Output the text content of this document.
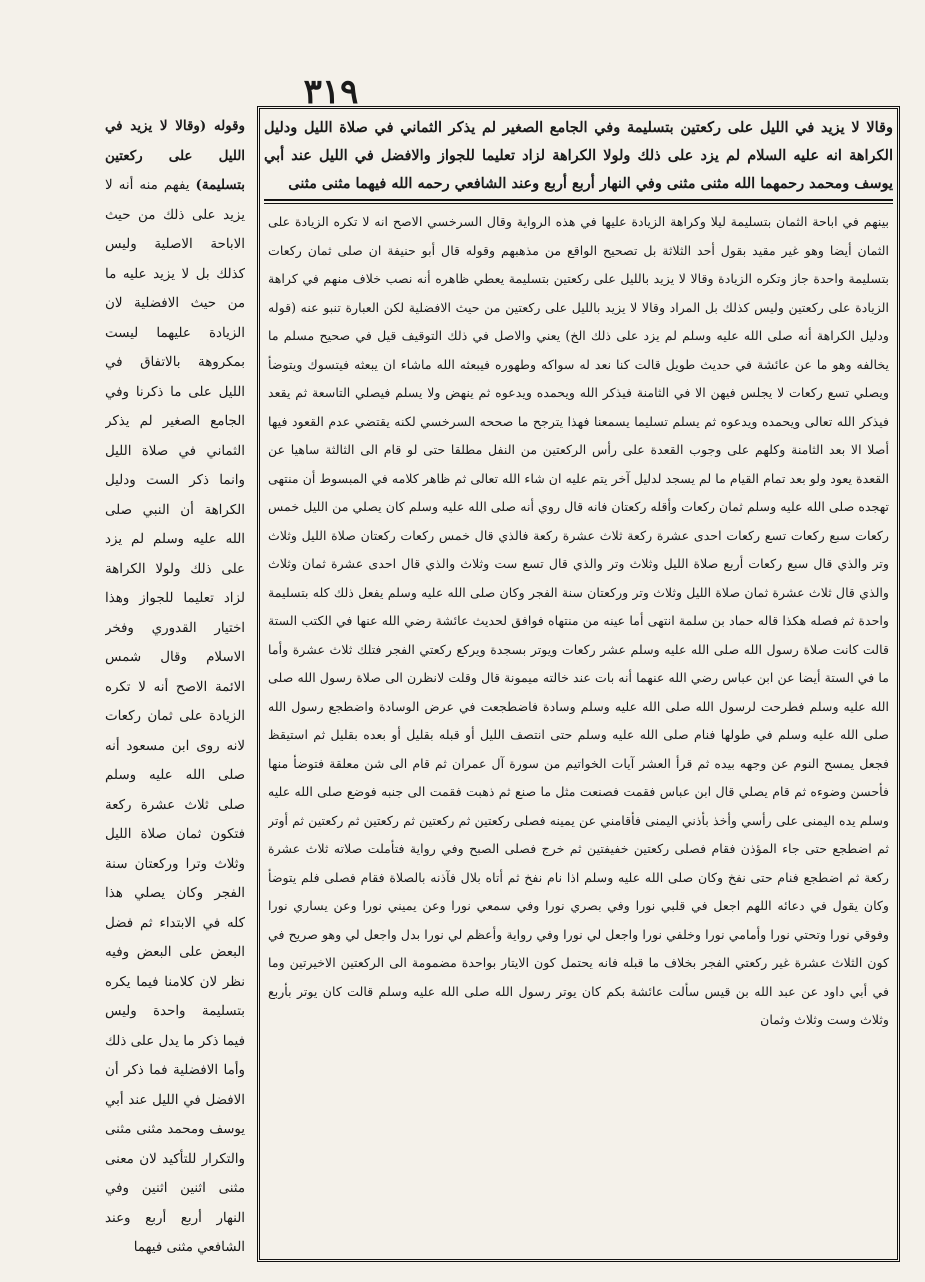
٣١٩
وقالا لا يزيد في الليل على ركعتين بتسليمة وفي الجامع الصغير لم يذكر الثماني في صلاة الليل ودليل الكراهة انه عليه السلام لم يزد على ذلك ولولا الكراهة لزاد تعليما للجواز والافضل في الليل عند أبي يوسف ومحمد رحمهما الله مثنى مثنى وفي النهار أربع أربع وعند الشافعي رحمه الله فيهما مثنى مثنى

بينهم في اباحة الثمان بتسليمة ليلا وكراهة الزيادة عليها في هذه الرواية وقال السرخسي الاصح انه لا تكره الزيادة على الثمان أيضا وهو غير مقيد بقول أحد الثلاثة بل تصحيح الواقع من مذهبهم وقوله قال أبو حنيفة ان صلى ثمان ركعات بتسليمة واحدة جاز وتكره الزيادة وقالا لا يزيد بالليل على ركعتين بتسليمة يعطي ظاهره أنه نصب خلاف منهم في كراهة الزيادة على ركعتين وليس كذلك بل المراد وقالا لا يزيد بالليل على ركعتين من حيث الافضلية لكن العبارة تنبو عنه (قوله ودليل الكراهة أنه صلى الله عليه وسلم لم يزد على ذلك الخ) يعني والاصل في ذلك التوقيف قيل في صحيح مسلم ما يخالفه وهو ما عن عائشة في حديث طويل قالت كنا نعد له سواكه وطهوره فيبعثه الله ماشاء ان يبعثه فيتسوك ويتوضأ ويصلي تسع ركعات لا يجلس فيهن الا في الثامنة فيذكر الله ويحمده ويدعوه ثم ينهض ولا يسلم فيصلي التاسعة ثم يقعد فيذكر الله تعالى ويحمده ويدعوه ثم يسلم تسليما يسمعنا فهذا يترجح ما صححه السرخسي لكنه يقتضي عدم القعود فيها أصلا الا بعد الثامنة وكلهم على وجوب القعدة على رأس الركعتين من النفل مطلقا حتى لو قام الى الثالثة ساهيا عن القعدة يعود ولو بعد تمام القيام ما لم يسجد لدليل آخر يتم عليه ان شاء الله تعالى ثم ظاهر كلامه في المبسوط أن منتهى تهجده صلى الله عليه وسلم ثمان ركعات وأقله ركعتان فانه قال روي أنه صلى الله عليه وسلم كان يصلي من الليل خمس ركعات سبع ركعات تسع ركعات احدى عشرة ركعة ثلاث عشرة ركعة فالذي قال خمس ركعات ركعتان صلاة الليل وثلاث وتر والذي قال سبع ركعات أربع صلاة الليل وثلاث وتر والذي قال تسع ست وثلاث والذي قال احدى عشرة ثمان وثلاث والذي قال ثلاث عشرة ثمان صلاة الليل وثلاث وتر وركعتان سنة الفجر وكان صلى الله عليه وسلم يفعل ذلك كله بتسليمة واحدة ثم فصله هكذا قاله حماد بن سلمة انتهى أما عينه من منتهاه فوافق لحديث عائشة رضي الله عنها في الكتب الستة قالت كانت صلاة رسول الله صلى الله عليه وسلم عشر ركعات ويوتر بسجدة ويركع ركعتي الفجر فتلك ثلاث عشرة وأما ما في الستة أيضا عن ابن عباس رضي الله عنهما أنه بات عند خالته ميمونة قال وقلت لانظرن الى صلاة رسول الله صلى الله عليه وسلم فطرحت لرسول الله صلى الله عليه وسلم وسادة فاضطجعت في عرض الوسادة واضطجع رسول الله صلى الله عليه وسلم في طولها فنام صلى الله عليه وسلم حتى انتصف الليل أو قبله بقليل أو بعده بقليل ثم استيقظ فجعل يمسح النوم عن وجهه بيده ثم قرأ العشر آيات الخواتيم من سورة آل عمران ثم قام الى شن معلقة فتوضأ منها فأحسن وضوءه ثم قام يصلي قال ابن عباس فقمت فصنعت مثل ما صنع ثم ذهبت فقمت الى جنبه فوضع صلى الله عليه وسلم يده اليمنى على رأسي وأخذ بأذني اليمنى فأقامني عن يمينه فصلى ركعتين ثم ركعتين ثم ركعتين ثم ركعتين ثم أوتر ثم اضطجع حتى جاء المؤذن فقام فصلى ركعتين خفيفتين ثم خرج فصلى الصبح وفي رواية فتأملت صلاته ثلاث عشرة ركعة ثم اضطجع فنام حتى نفخ وكان صلى الله عليه وسلم اذا نام نفخ ثم أتاه بلال فآذنه بالصلاة فقام فصلى فلم يتوضأ وكان يقول في دعائه اللهم اجعل في قلبي نورا وفي بصري نورا وفي سمعي نورا وعن يميني نورا وعن يساري نورا وفوقي نورا وتحتي نورا وأمامي نورا وخلفي نورا واجعل لي نورا وفي رواية وأعظم لي نورا بدل واجعل لي وهو صريح في كون الثلاث عشرة غير ركعتي الفجر بخلاف ما قبله فانه يحتمل كون الايتار بواحدة مضمومة الى الركعتين الاخيرتين وما في أبي داود عن عبد الله بن قيس سألت عائشة بكم كان يوتر رسول الله صلى الله عليه وسلم قالت كان يوتر بأربع وثلاث وست وثلاث وثمان

وقوله (وقالا لا يزيد في الليل على ركعتين بتسليمة) يفهم منه أنه لا يزيد على ذلك من حيث الاباحة الاصلية وليس كذلك بل لا يزيد عليه ما من حيث الافضلية لان الزيادة عليهما ليست بمكروهة بالاتفاق في الليل على ما ذكرنا وفي الجامع الصغير لم يذكر الثماني في صلاة الليل وانما ذكر الست ودليل الكراهة أن النبي صلى الله عليه وسلم لم يزد على ذلك ولولا الكراهة لزاد تعليما للجواز وهذا اختيار القدوري وفخر الاسلام وقال شمس الائمة الاصح أنه لا تكره الزيادة على ثمان ركعات لانه روى ابن مسعود أنه صلى الله عليه وسلم صلى ثلاث عشرة ركعة فتكون ثمان صلاة الليل وثلاث وترا وركعتان سنة الفجر وكان يصلي هذا كله في الابتداء ثم فضل البعض على البعض وفيه نظر لان كلامنا فيما يكره بتسليمة واحدة وليس فيما ذكر ما يدل على ذلك وأما الافضلية فما ذكر أن الافضل في الليل عند أبي يوسف ومحمد مثنى مثنى والتكرار للتأكيد لان معنى مثنى اثنين اثنين وفي النهار أربع أربع وعند الشافعي مثنى فيهما
